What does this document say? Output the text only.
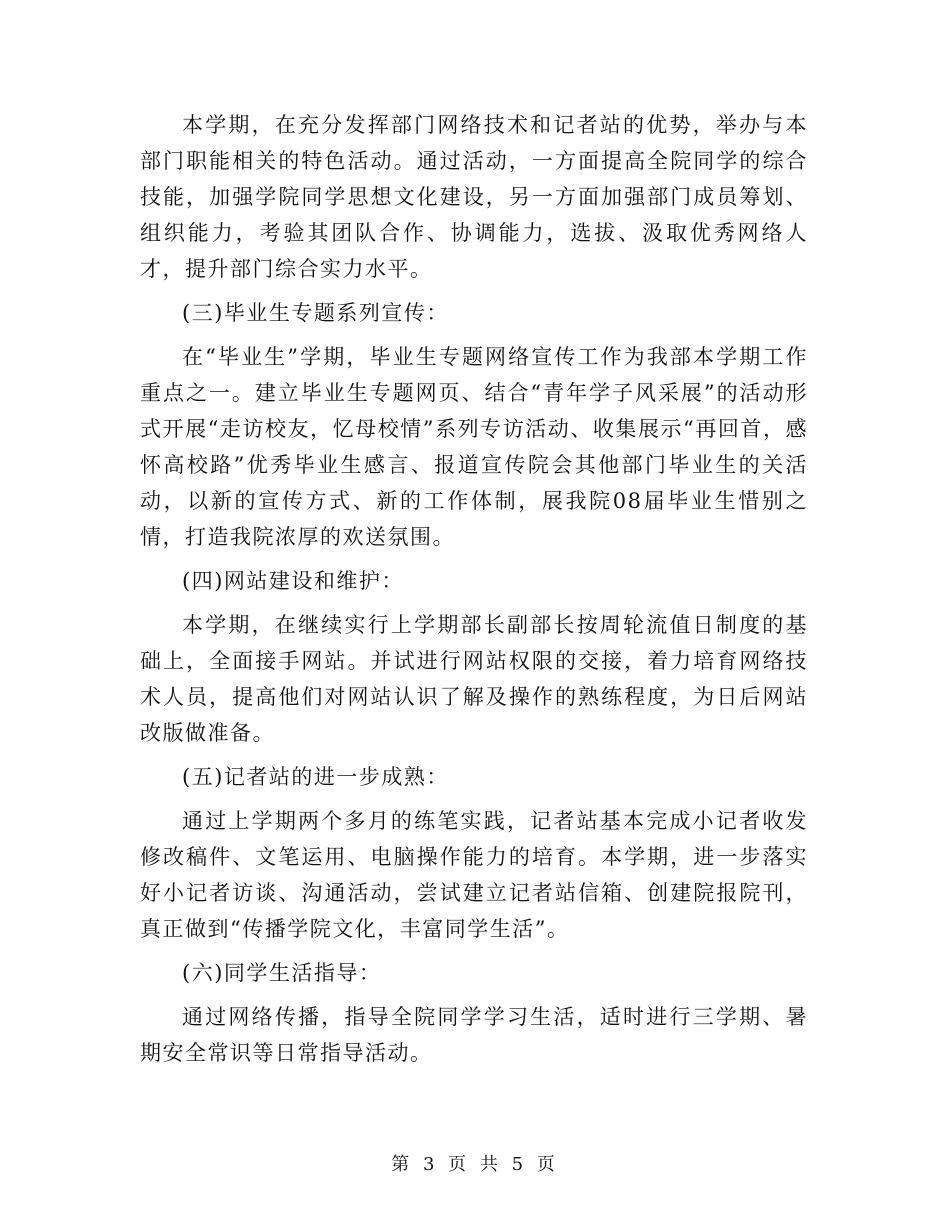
本学期，在充分发挥部门网络技术和记者站的优势，举办与本部门职能相关的特色活动。通过活动，一方面提高全院同学的综合技能，加强学院同学思想文化建设，另一方面加强部门成员筹划、组织能力，考验其团队合作、协调能力，选拔、汲取优秀网络人才，提升部门综合实力水平。

(三)毕业生专题系列宣传：

在“毕业生”学期，毕业生专题网络宣传工作为我部本学期工作重点之一。建立毕业生专题网页、结合“青年学子风采展”的活动形式开展“走访校友，忆母校情”系列专访活动、收集展示“再回首，感怀高校路”优秀毕业生感言、报道宣传院会其他部门毕业生的关活动，以新的宣传方式、新的工作体制，展我院08届毕业生惜别之情，打造我院浓厚的欢送氛围。

(四)网站建设和维护：

本学期，在继续实行上学期部长副部长按周轮流值日制度的基础上，全面接手网站。并试进行网站权限的交接，着力培育网络技术人员，提高他们对网站认识了解及操作的熟练程度，为日后网站改版做准备。

(五)记者站的进一步成熟：

通过上学期两个多月的练笔实践，记者站基本完成小记者收发修改稿件、文笔运用、电脑操作能力的培育。本学期，进一步落实好小记者访谈、沟通活动，尝试建立记者站信箱、创建院报院刊，真正做到“传播学院文化，丰富同学生活”。

(六)同学生活指导：

通过网络传播，指导全院同学学习生活，适时进行三学期、暑期安全常识等日常指导活动。

第 3 页 共 5 页
